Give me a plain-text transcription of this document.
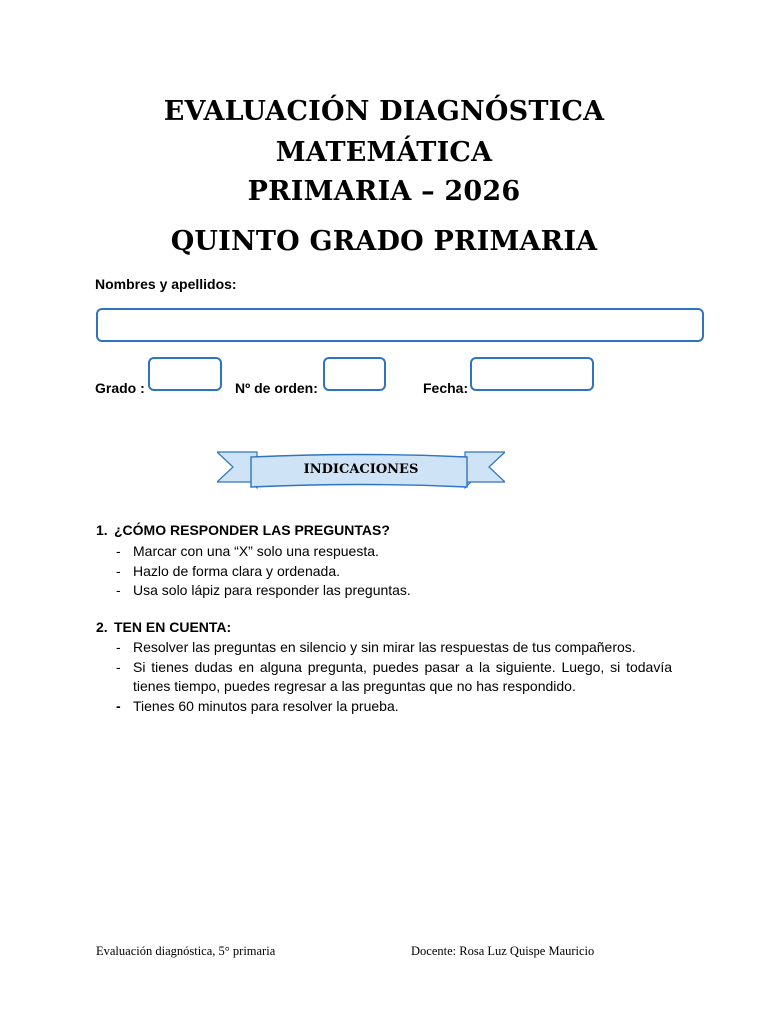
EVALUACIÓN DIAGNÓSTICA
MATEMÁTICA
PRIMARIA – 2026
QUINTO GRADO PRIMARIA
Nombres y apellidos:
Grado :	Nº de orden:	Fecha:
INDICACIONES
1. ¿CÓMO RESPONDER LAS PREGUNTAS?
- Marcar con una “X” solo una respuesta.
- Hazlo de forma clara y ordenada.
- Usa solo lápiz para responder las preguntas.
2. TEN EN CUENTA:
- Resolver las preguntas en silencio y sin mirar las respuestas de tus compañeros.
- Si tienes dudas en alguna pregunta, puedes pasar a la siguiente. Luego, si todavía tienes tiempo, puedes regresar a las preguntas que no has respondido.
- Tienes 60 minutos para resolver la prueba.
Evaluación diagnóstica, 5° primaria	Docente: Rosa Luz Quispe Mauricio
